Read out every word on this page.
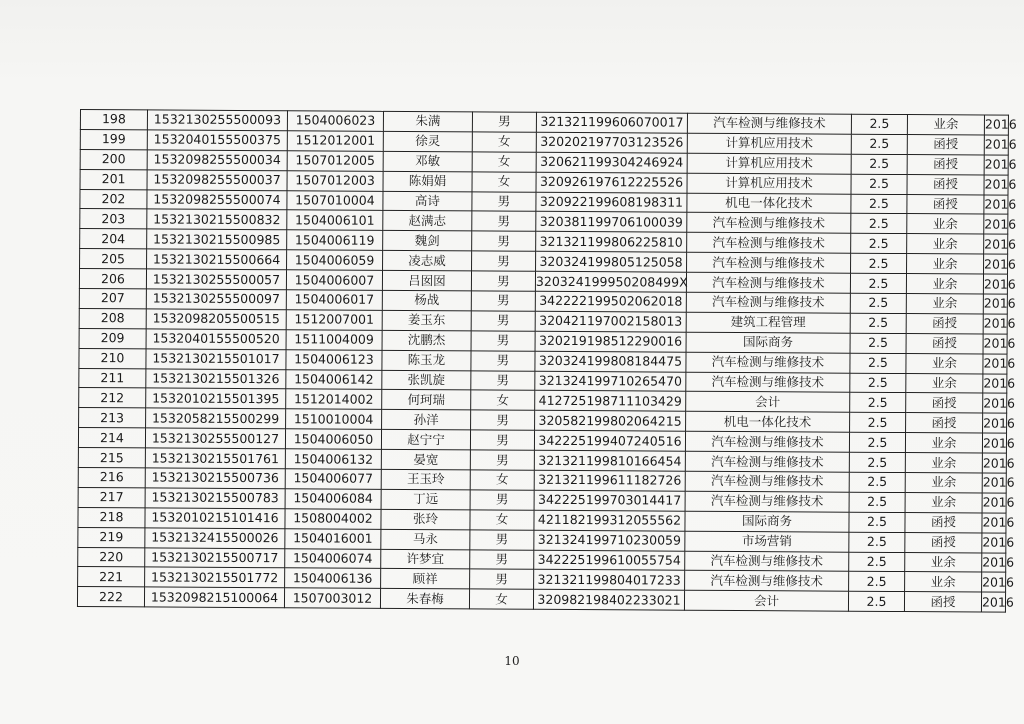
198	1532130255500093	1504006023	朱满	男	321321199606070017	汽车检测与维修技术	2.5	业余	2016
199	1532040155500375	1512012001	徐灵	女	320202197703123526	计算机应用技术	2.5	函授	2016
200	1532098255500034	1507012005	邓敏	女	320621199304246924	计算机应用技术	2.5	函授	2016
201	1532098255500037	1507012003	陈娟娟	女	320926197612225526	计算机应用技术	2.5	函授	2016
202	1532098255500074	1507010004	高诗	男	320922199608198311	机电一体化技术	2.5	函授	2016
203	1532130215500832	1504006101	赵满志	男	320381199706100039	汽车检测与维修技术	2.5	业余	2016
204	1532130215500985	1504006119	魏剑	男	321321199806225810	汽车检测与维修技术	2.5	业余	2016
205	1532130215500664	1504006059	凌志威	男	320324199805125058	汽车检测与维修技术	2.5	业余	2016
206	1532130255500057	1504006007	吕囡囡	男	320324199950208499X	汽车检测与维修技术	2.5	业余	2016
207	1532130255500097	1504006017	杨战	男	342222199502062018	汽车检测与维修技术	2.5	业余	2016
208	1532098205500515	1512007001	姜玉东	男	320421197002158013	建筑工程管理	2.5	函授	2016
209	1532040155500520	1511004009	沈鹏杰	男	320219198512290016	国际商务	2.5	函授	2016
210	1532130215501017	1504006123	陈玉龙	男	320324199808184475	汽车检测与维修技术	2.5	业余	2016
211	1532130215501326	1504006142	张凯旋	男	321324199710265470	汽车检测与维修技术	2.5	业余	2016
212	1532010215501395	1512014002	何珂瑞	女	412725198711103429	会计	2.5	函授	2016
213	1532058215500299	1510010004	孙洋	男	320582199802064215	机电一体化技术	2.5	函授	2016
214	1532130255500127	1504006050	赵宁宁	男	342225199407240516	汽车检测与维修技术	2.5	业余	2016
215	1532130215501761	1504006132	晏宽	男	321321199810166454	汽车检测与维修技术	2.5	业余	2016
216	1532130215500736	1504006077	王玉玲	女	321321199611182726	汽车检测与维修技术	2.5	业余	2016
217	1532130215500783	1504006084	丁远	男	342225199703014417	汽车检测与维修技术	2.5	业余	2016
218	1532010215101416	1508004002	张玲	女	421182199312055562	国际商务	2.5	函授	2016
219	1532132415500026	1504016001	马永	男	321324199710230059	市场营销	2.5	函授	2016
220	1532130215500717	1504006074	许梦宜	男	342225199610055754	汽车检测与维修技术	2.5	业余	2016
221	1532130215501772	1504006136	顾祥	男	321321199804017233	汽车检测与维修技术	2.5	业余	2016
222	1532098215100064	1507003012	朱春梅	女	320982198402233021	会计	2.5	函授	2016
10
